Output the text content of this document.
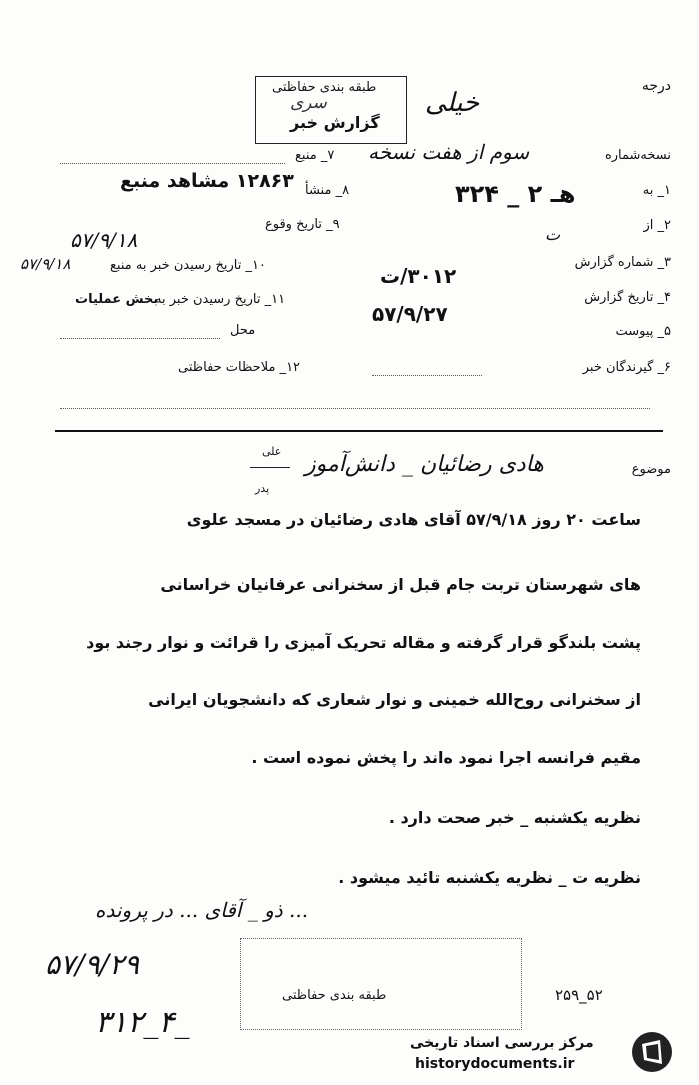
درجه
خیلی
طبقه بندی حفاظتی
سری
گزارش خبر
نسخه‌شماره
سوم از هفت نسخه
۷_ منبع
۸_ منشأ
۱۲۸۶۳ مشاهد منبع
۹_ تاریخ وقوع
۵۷/۹/۱۸
۱۰_ تاریخ رسیدن خبر به منبع
۵۷/۹/۱۸
۱۱_ تاریخ رسیدن خبر به
بخش عملیات
محل
۱۲_ ملاحظات حفاظتی
۱_ به
هـ ۲ _ ۳۲۴
۲_ از
ت
۳_ شماره گزارش
۳۰۱۲/ت
۴_ تاریخ گزارش
۵۷/۹/۲۷
۵_ پیوست
۶_ گیرندگان خبر
موضوع
هادی رضائیان _ دانش‌آموز
علی
پدر
ساعت ۲۰ روز ۵۷/۹/۱۸ آقای هادی رضائیان در مسجد علوی
های شهرستان تربت جام قبل از سخنرانی عرفانیان خراسانی
پشت بلندگو قرار گرفته و مقاله تحریک آمیزی را قرائت و نوار رجند بود
از سخنرانی روح‌الله خمینی و نوار شعاری که دانشجویان ایرانی
مقیم فرانسه اجرا نمود ه‌اند را پخش نموده است .
نظریه یکشنبه _ خبر صحت دارد .
نظریه ت _ نظریه یکشنبه تائید میشود .
ذو _ آقای ... در پرونده ...
۵۷/۹/۲۹
۳۱۲_۴_
طبقه بندی حفاظتی	۵۲_۲۵۹
مرکز بررسی اسناد تاریخی
historydocuments.ir
